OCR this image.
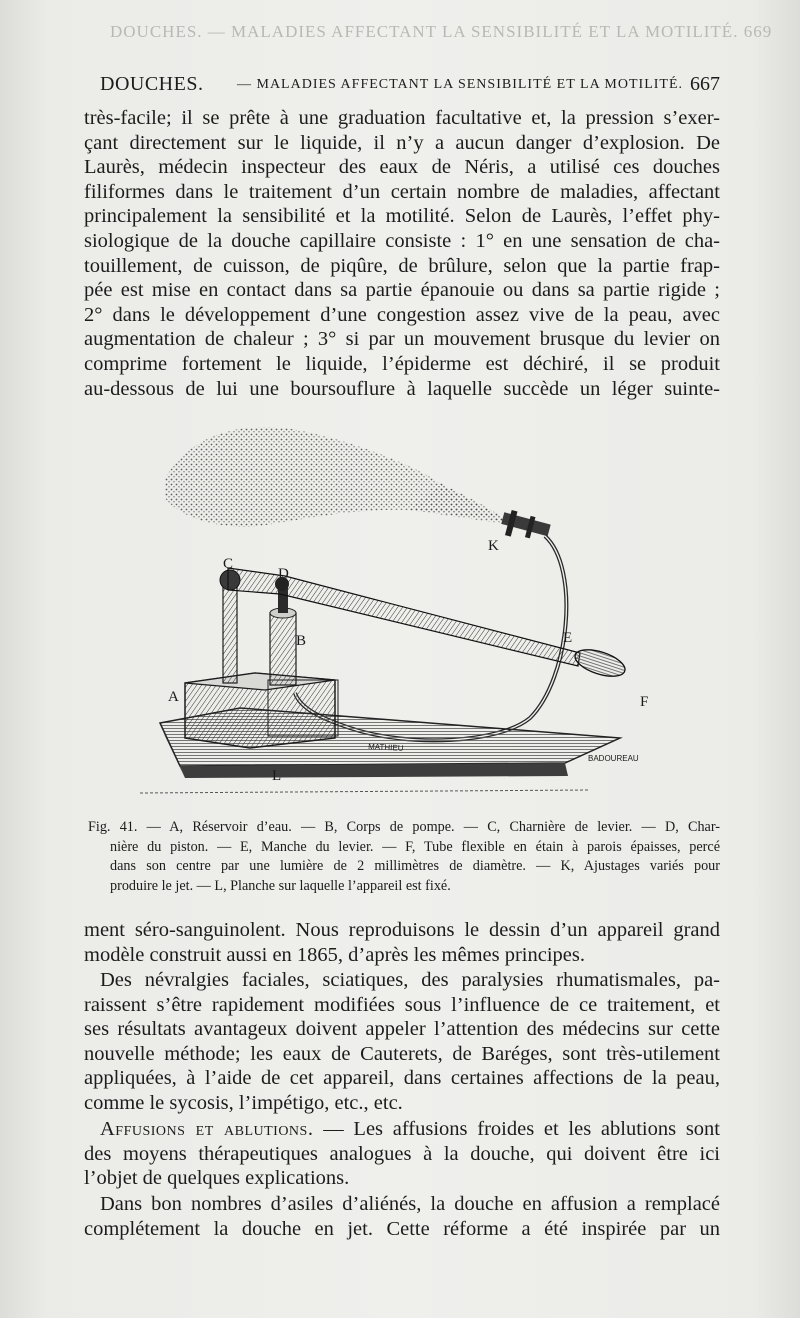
DOUCHES. — MALADIES AFFECTANT LA SENSIBILITÉ ET LA MOTILITÉ. 669
DOUCHES. — MALADIES AFFECTANT LA SENSIBILITÉ ET LA MOTILITÉ. 667
très-facile; il se prête à une graduation facultative et, la pression s’exer-
çant directement sur le liquide, il n’y a aucun danger d’explosion. De
Laurès, médecin inspecteur des eaux de Néris, a utilisé ces douches
filiformes dans le traitement d’un certain nombre de maladies, affectant
principalement la sensibilité et la motilité. Selon de Laurès, l’effet phy-
siologique de la douche capillaire consiste : 1° en une sensation de cha-
touillement, de cuisson, de piqûre, de brûlure, selon que la partie frap-
pée est mise en contact dans sa partie épanouie ou dans sa partie rigide ;
2° dans le développement d’une congestion assez vive de la peau, avec
augmentation de chaleur ; 3° si par un mouvement brusque du levier on
comprime fortement le liquide, l’épiderme est déchiré, il se produit
au-dessous de lui une boursouflure à laquelle succède un léger suinte-
MATHIEU
BADOUREAU
A
B
C
D
E
F
K
L
Fig. 41. — A, Réservoir d’eau. — B, Corps de pompe. — C, Charnière de levier. — D, Char-
nière du piston. — E, Manche du levier. — F, Tube flexible en étain à parois épaisses, percé
dans son centre par une lumière de 2 millimètres de diamètre. — K, Ajustages variés pour
produire le jet. — L, Planche sur laquelle l’appareil est fixé.
ment séro-sanguinolent. Nous reproduisons le dessin d’un appareil grand
modèle construit aussi en 1865, d’après les mêmes principes.
Des névralgies faciales, sciatiques, des paralysies rhumatismales, pa-
raissent s’être rapidement modifiées sous l’influence de ce traitement, et
ses résultats avantageux doivent appeler l’attention des médecins sur cette
nouvelle méthode; les eaux de Cauterets, de Baréges, sont très-utilement
appliquées, à l’aide de cet appareil, dans certaines affections de la peau,
comme le sycosis, l’impétigo, etc., etc.
Affusions et ablutions. — Les affusions froides et les ablutions sont
des moyens thérapeutiques analogues à la douche, qui doivent être ici
l’objet de quelques explications.
Dans bon nombres d’asiles d’aliénés, la douche en affusion a remplacé
complétement la douche en jet. Cette réforme a été inspirée par un
